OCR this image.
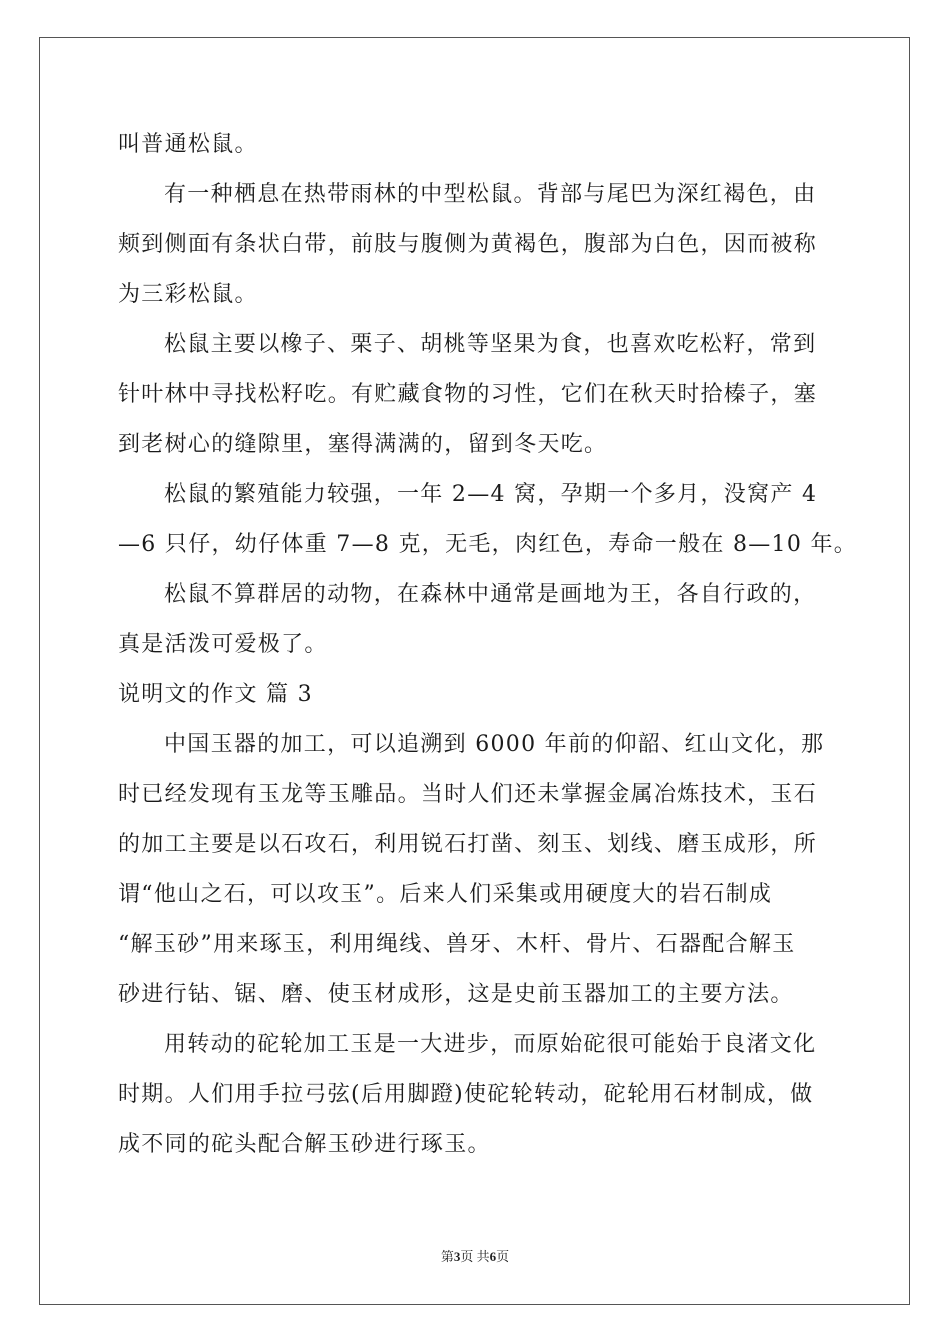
叫普通松鼠。
有一种栖息在热带雨林的中型松鼠。背部与尾巴为深红褐色，由
颊到侧面有条状白带，前肢与腹侧为黄褐色，腹部为白色，因而被称
为三彩松鼠。
松鼠主要以橡子、栗子、胡桃等坚果为食，也喜欢吃松籽，常到
针叶林中寻找松籽吃。有贮藏食物的习性，它们在秋天时拾榛子，塞
到老树心的缝隙里，塞得满满的，留到冬天吃。
松鼠的繁殖能力较强，一年 2—4 窝，孕期一个多月，没窝产 4
—6 只仔，幼仔体重 7—8 克，无毛，肉红色，寿命一般在 8—10 年。
松鼠不算群居的动物，在森林中通常是画地为王，各自行政的，
真是活泼可爱极了。
说明文的作文 篇 3
中国玉器的加工，可以追溯到 6000 年前的仰韶、红山文化，那
时已经发现有玉龙等玉雕品。当时人们还未掌握金属冶炼技术，玉石
的加工主要是以石攻石，利用锐石打凿、刻玉、划线、磨玉成形，所
谓“他山之石，可以攻玉”。后来人们采集或用硬度大的岩石制成
“解玉砂”用来琢玉，利用绳线、兽牙、木杆、骨片、石器配合解玉
砂进行钻、锯、磨、使玉材成形，这是史前玉器加工的主要方法。
用转动的砣轮加工玉是一大进步，而原始砣很可能始于良渚文化
时期。人们用手拉弓弦(后用脚蹬)使砣轮转动，砣轮用石材制成，做
成不同的砣头配合解玉砂进行琢玉。
第3页 共6页
